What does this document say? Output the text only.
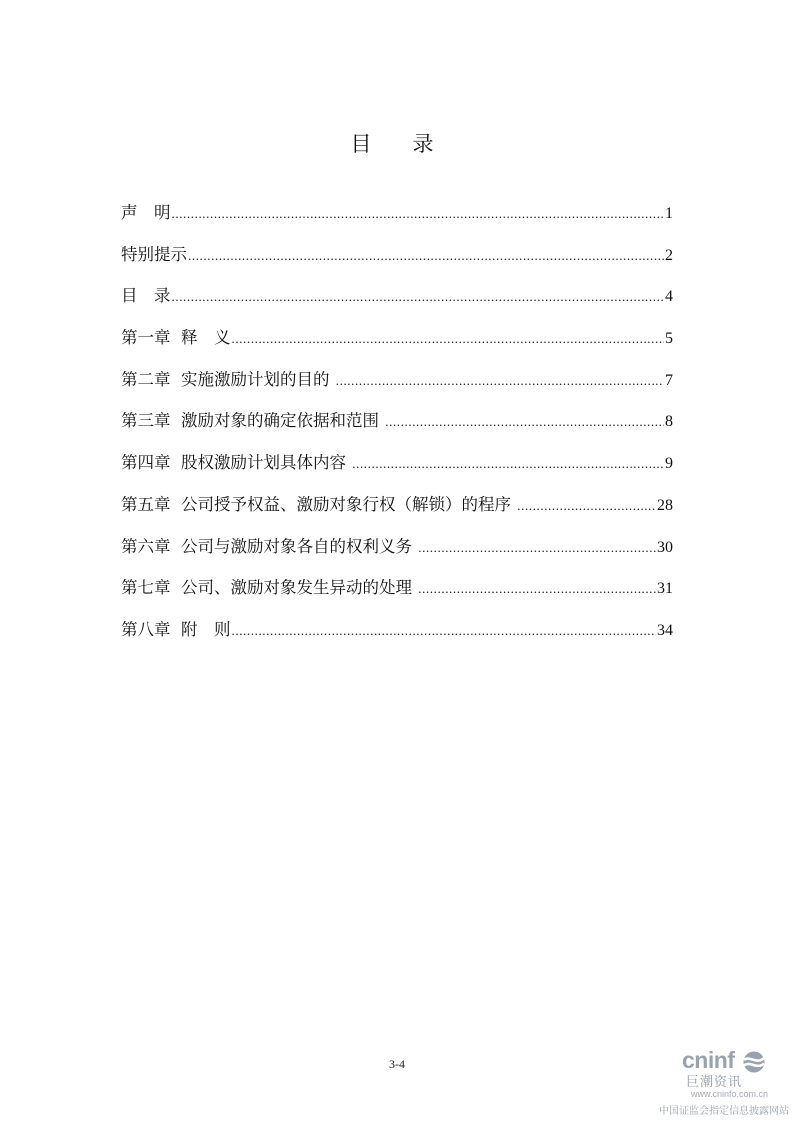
目　录
声　明 .....	1
特别提示 .....	2
目　录 .....	4
第一章  释　义 .....	5
第二章  实施激励计划的目的 .....	7
第三章  激励对象的确定依据和范围 .....	8
第四章  股权激励计划具体内容 .....	9
第五章  公司授予权益、激励对象行权（解锁）的程序 .....	28
第六章  公司与激励对象各自的权利义务 .....	30
第七章  公司、激励对象发生异动的处理 .....	31
第八章  附　则 .....	34
3-4	cninf
巨潮资讯
www.cninfo.com.cn
中国证监会指定信息披露网站
